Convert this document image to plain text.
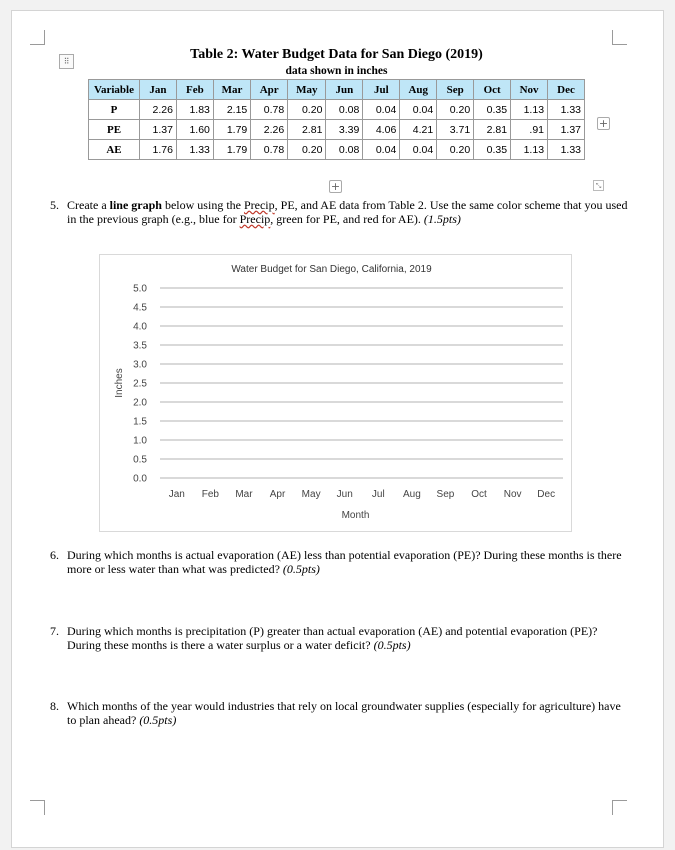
⠿	Table 2: Water Budget Data for San Diego (2019)
data shown in inches
Variable	Jan	Feb	Mar	Apr	May	Jun	Jul	Aug	Sep	Oct	Nov	Dec
P	2.26	1.83	2.15	0.78	0.20	0.08	0.04	0.04	0.20	0.35	1.13	1.33
PE	1.37	1.60	1.79	2.26	2.81	3.39	4.06	4.21	3.71	2.81	.91	1.37
AE	1.76	1.33	1.79	0.78	0.20	0.08	0.04	0.04	0.20	0.35	1.13	1.33
+
+	⤡
5. Create a line graph below using the Precip, PE, and AE data from Table 2. Use the same color scheme that you used in the previous graph (e.g., blue for Precip, green for PE, and red for AE). (1.5pts)
Water Budget for San Diego, California, 2019
0.0
0.5
1.0
1.5
2.0
2.5
3.0
3.5
4.0
4.5
5.0
Jan Feb Mar Apr May Jun Jul Aug Sep Oct Nov Dec
Month
Inches
6. During which months is actual evaporation (AE) less than potential evaporation (PE)? During these months is there more or less water than what was predicted? (0.5pts)
7. During which months is precipitation (P) greater than actual evaporation (AE) and potential evaporation (PE)? During these months is there a water surplus or a water deficit? (0.5pts)
8. Which months of the year would industries that rely on local groundwater supplies (especially for agriculture) have to plan ahead? (0.5pts)
